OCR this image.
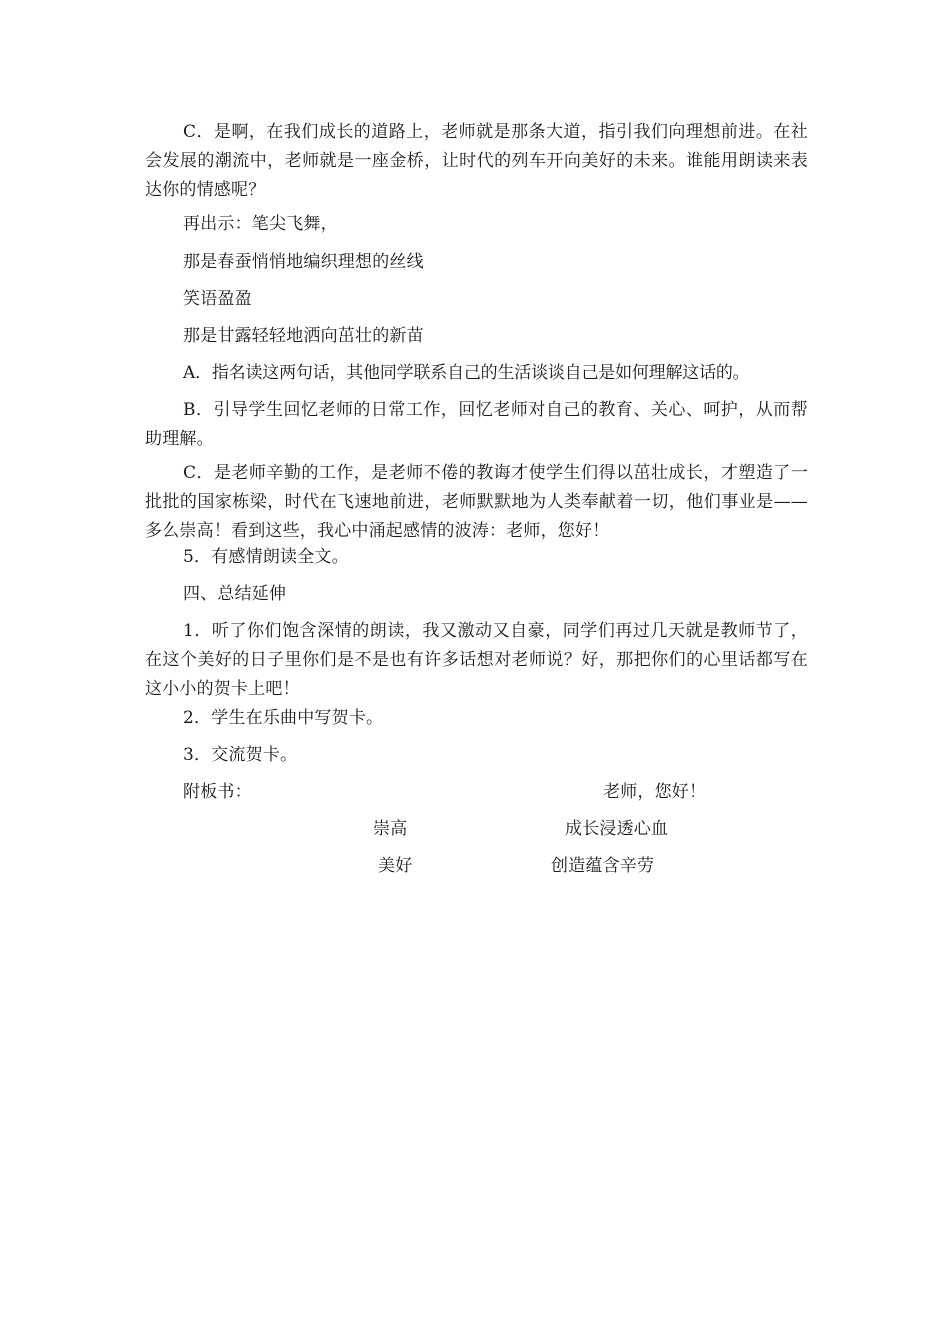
C．是啊，在我们成长的道路上，老师就是那条大道，指引我们向理想前进。在社会发展的潮流中，老师就是一座金桥，让时代的列车开向美好的未来。谁能用朗读来表达你的情感呢？

再出示：笔尖飞舞，

那是春蚕悄悄地编织理想的丝线

笑语盈盈

那是甘露轻轻地洒向茁壮的新苗

A．指名读这两句话，其他同学联系自己的生活谈谈自己是如何理解这话的。

B．引导学生回忆老师的日常工作，回忆老师对自己的教育、关心、呵护，从而帮助理解。

C．是老师辛勤的工作，是老师不倦的教诲才使学生们得以茁壮成长，才塑造了一批批的国家栋梁，时代在飞速地前进，老师默默地为人类奉献着一切，他们事业是——多么崇高！看到这些，我心中涌起感情的波涛：老师，您好！

5．有感情朗读全文。

四、总结延伸

1．听了你们饱含深情的朗读，我又激动又自豪，同学们再过几天就是教师节了，在这个美好的日子里你们是不是也有许多话想对老师说？好，那把你们的心里话都写在这小小的贺卡上吧！

2．学生在乐曲中写贺卡。

3．交流贺卡。

附板书：	老师，您好！

崇高	成长浸透心血

美好	创造蕴含辛劳
